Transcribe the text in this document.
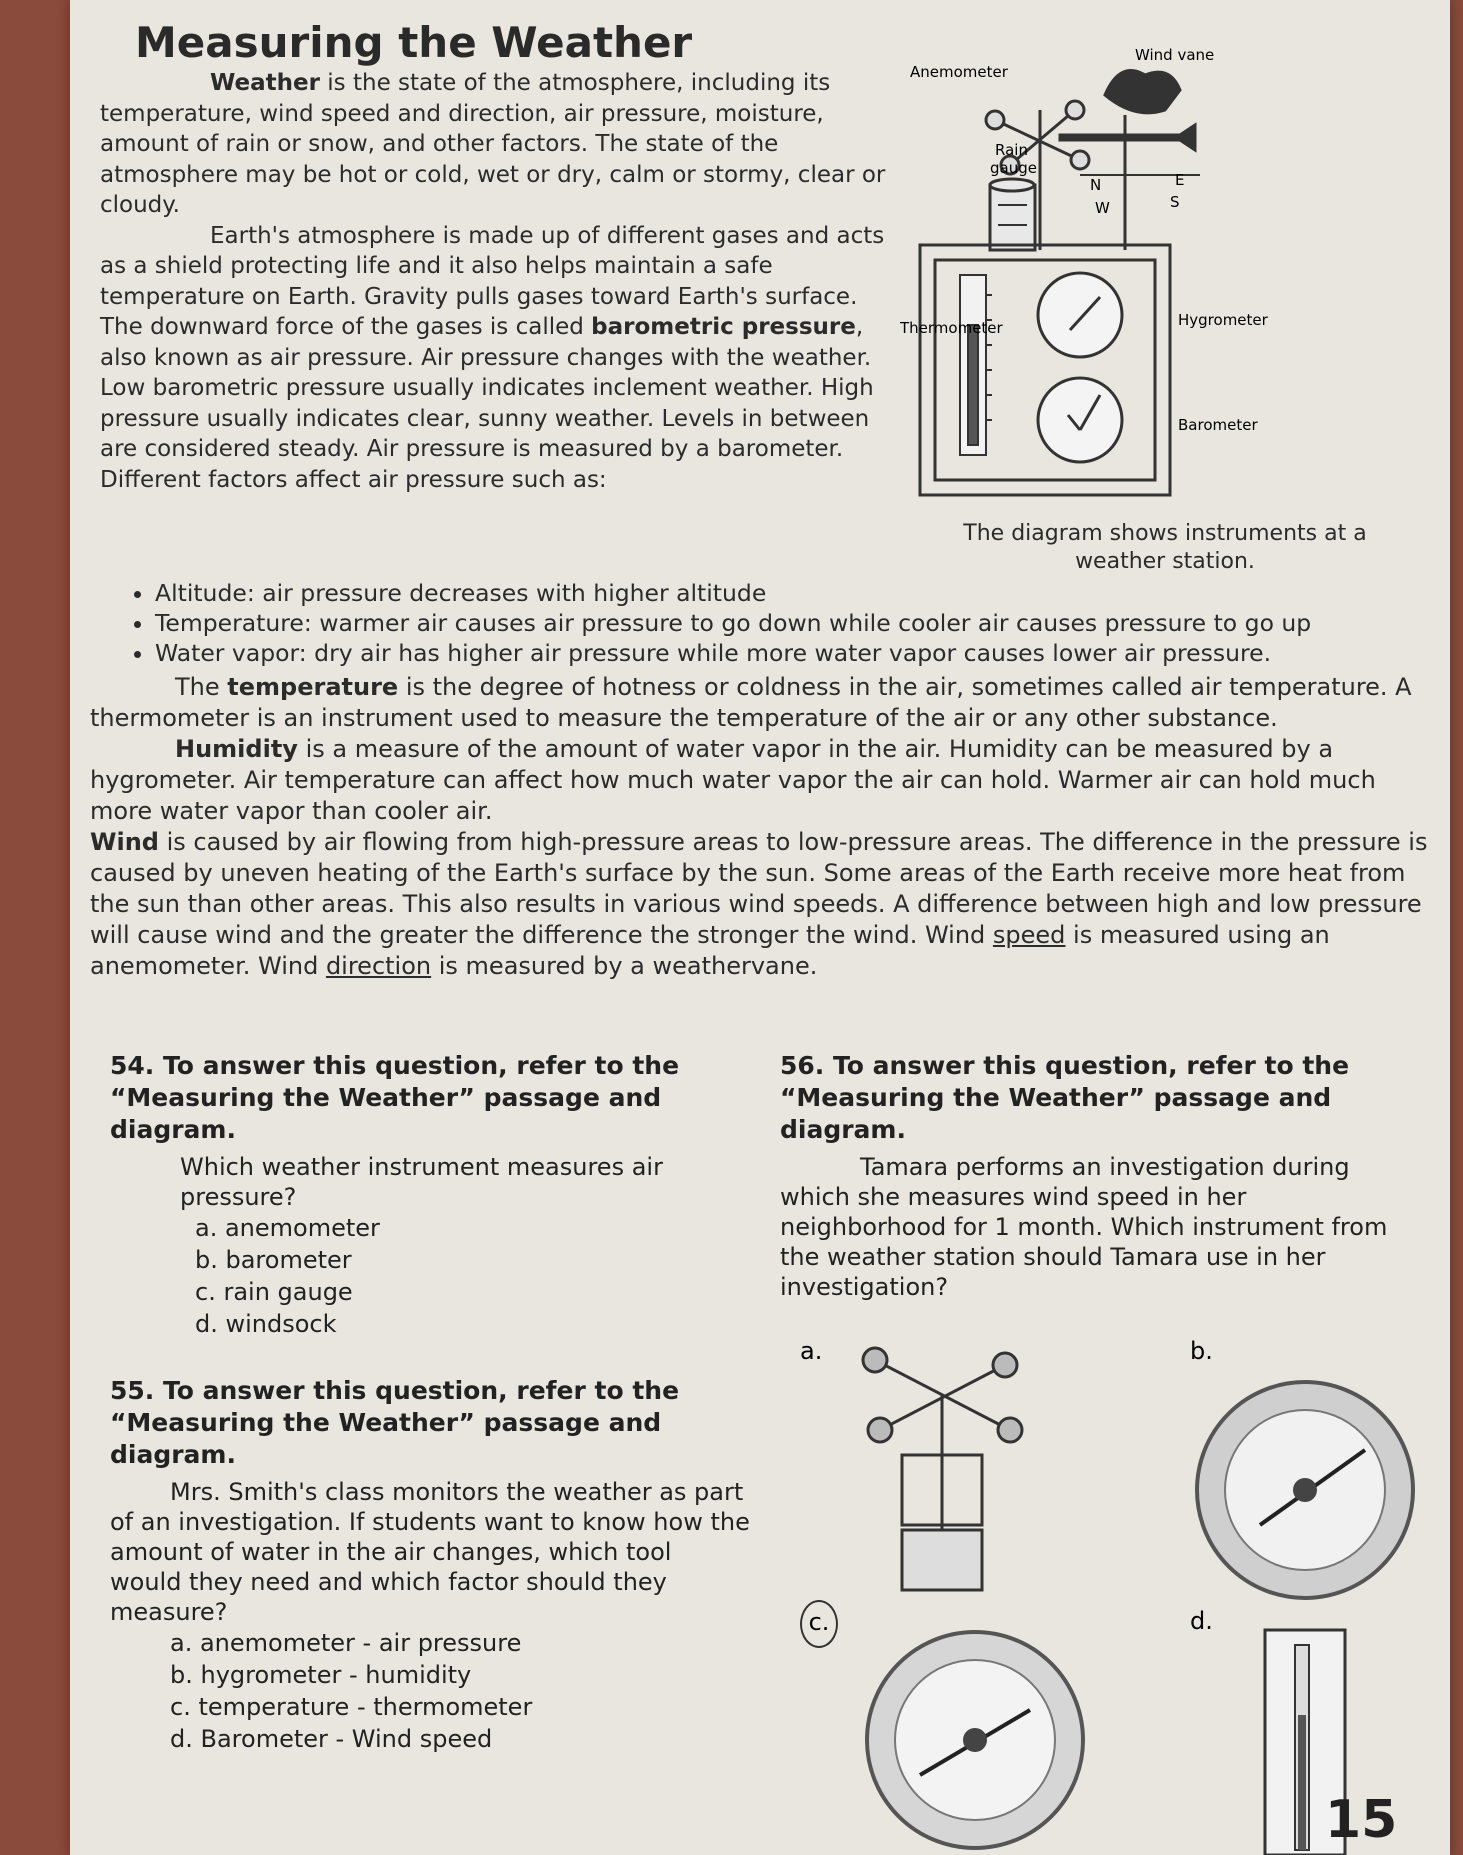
Measuring the Weather

Weather is the state of the atmosphere, including its temperature, wind speed and direction, air pressure, moisture, amount of rain or snow, and other factors. The state of the atmosphere may be hot or cold, wet or dry, calm or stormy, clear or cloudy.

Earth's atmosphere is made up of different gases and acts as a shield protecting life and it also helps maintain a safe temperature on Earth. Gravity pulls gases toward Earth's surface. The downward force of the gases is called barometric pressure, also known as air pressure. Air pressure changes with the weather. Low barometric pressure usually indicates inclement weather. High pressure usually indicates clear, sunny weather. Levels in between are considered steady. Air pressure is measured by a barometer. Different factors affect air pressure such as:

Anemometer
Wind vane
Rain
gauge
Thermometer	Hygrometer
Barometer
N	E
W	S
The diagram shows instruments at a
weather station.
• Altitude: air pressure decreases with higher altitude
• Temperature: warmer air causes air pressure to go down while cooler air causes pressure to go up
• Water vapor: dry air has higher air pressure while more water vapor causes lower air pressure.

The temperature is the degree of hotness or coldness in the air, sometimes called air temperature. A thermometer is an instrument used to measure the temperature of the air or any other substance.

Humidity is a measure of the amount of water vapor in the air. Humidity can be measured by a hygrometer. Air temperature can affect how much water vapor the air can hold. Warmer air can hold much more water vapor than cooler air.

Wind is caused by air flowing from high-pressure areas to low-pressure areas. The difference in the pressure is caused by uneven heating of the Earth's surface by the sun. Some areas of the Earth receive more heat from the sun than other areas. This also results in various wind speeds. A difference between high and low pressure will cause wind and the greater the difference the stronger the wind. Wind speed is measured using an anemometer. Wind direction is measured by a weathervane.

54. To answer this question, refer to the “Measuring the Weather” passage and diagram.
Which weather instrument measures air pressure?
a. anemometer
b. barometer
c. rain gauge
d. windsock
55. To answer this question, refer to the “Measuring the Weather” passage and diagram.
Mrs. Smith's class monitors the weather as part of an investigation. If students want to know how the amount of water in the air changes, which tool would they need and which factor should they measure?
a. anemometer - air pressure
b. hygrometer - humidity
c. temperature - thermometer
d. Barometer - Wind speed
56. To answer this question, refer to the “Measuring the Weather” passage and diagram.
Tamara performs an investigation during which she measures wind speed in her neighborhood for 1 month. Which instrument from the weather station should Tamara use in her investigation?
a.	b.
c.	d.
15
